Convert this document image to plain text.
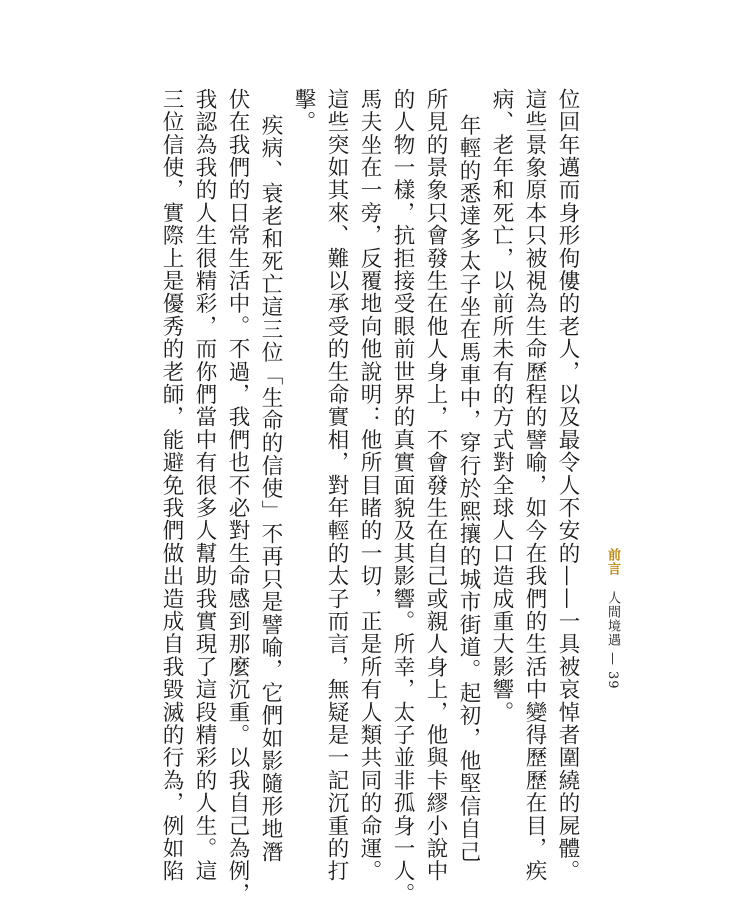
位回年邁而身形佝僂的老人，以及最令人不安的——一具被哀悼者圍繞的屍體。
這些景象原本只被視為生命歷程的譬喻，如今在我們的生活中變得歷歷在目，疾
病、老年和死亡，以前所未有的方式對全球人口造成重大影響。
年輕的悉達多太子坐在馬車中，穿行於熙攘的城市街道。起初，他堅信自己
所見的景象只會發生在他人身上，不會發生在自己或親人身上，他與卡繆小說中
的人物一樣，抗拒接受眼前世界的真實面貌及其影響。所幸，太子並非孤身一人。
馬夫坐在一旁，反覆地向他說明：他所目睹的一切，正是所有人類共同的命運。
這些突如其來、難以承受的生命實相，對年輕的太子而言，無疑是一記沉重的打
擊。
疾病、衰老和死亡這三位「生命的信使」不再只是譬喻，它們如影隨形地潛
伏在我們的日常生活中。不過，我們也不必對生命感到那麼沉重。以我自己為例，
我認為我的人生很精彩，而你們當中有很多人幫助我實現了這段精彩的人生。這
三位信使，實際上是優秀的老師，能避免我們做出造成自我毀滅的行為，例如陷	前言 人間境遇 — 39
